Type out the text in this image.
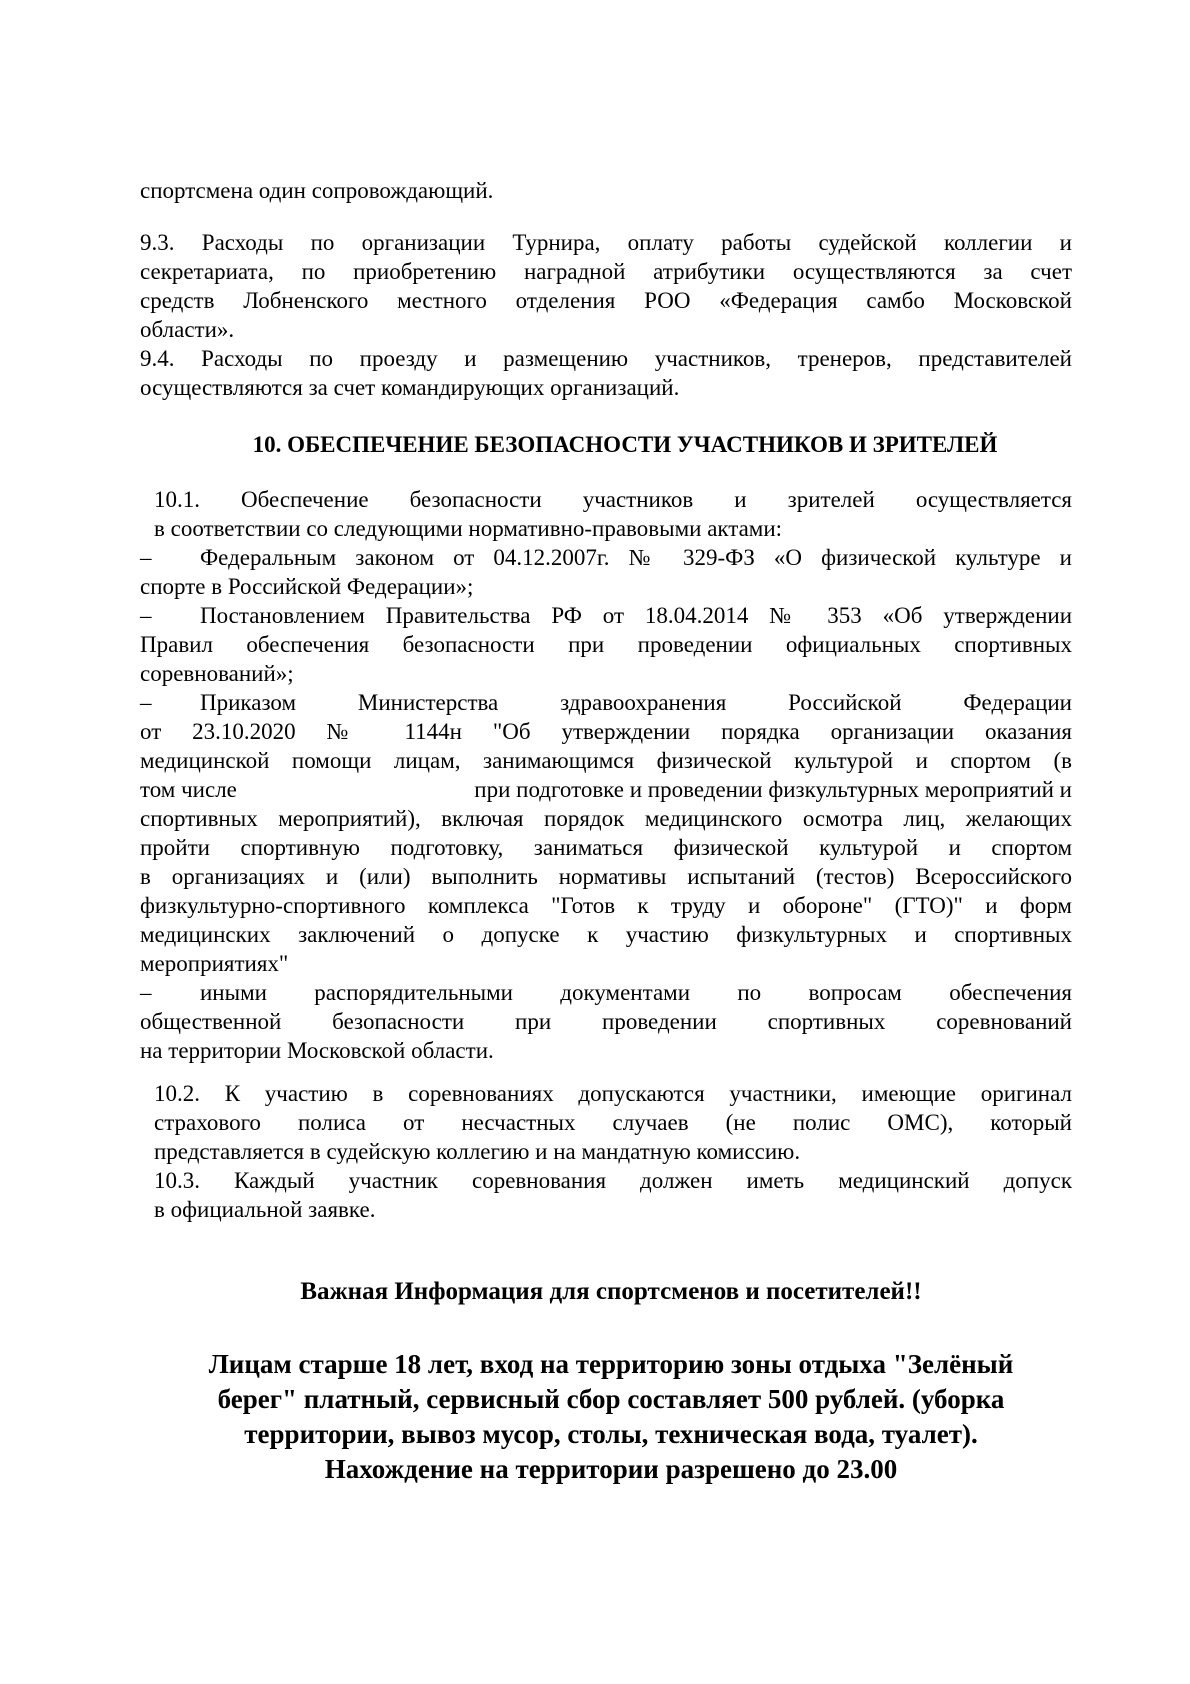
спортсмена один сопровождающий.

9.3. Расходы по организации Турнира, оплату работы судейской коллегии и

секретариата, по приобретению наградной атрибутики осуществляются за счет

средств Лобненского местного отделения РОО «Федерация самбо Московской

области».

9.4. Расходы по проезду и размещению участников, тренеров, представителей

осуществляются за счет командирующих организаций.

10. ОБЕСПЕЧЕНИЕ БЕЗОПАСНОСТИ УЧАСТНИКОВ И ЗРИТЕЛЕЙ

10.1. Обеспечение безопасности участников и зрителей осуществляется

в соответствии со следующими нормативно-правовыми актами:

– Федеральным законом от 04.12.2007г. № 329-ФЗ «О физической культуре и

спорте в Российской Федерации»;

– Постановлением Правительства РФ от 18.04.2014 № 353 «Об утверждении

Правил обеспечения безопасности при проведении официальных спортивных

соревнований»;

– Приказом Министерства здравоохранения Российской Федерации

от 23.10.2020 № 1144н "Об утверждении порядка организации оказания

медицинской помощи лицам, занимающимся физической культурой и спортом (в

том числе	при подготовке и проведении физкультурных мероприятий и

спортивных мероприятий), включая порядок медицинского осмотра лиц, желающих

пройти спортивную подготовку, заниматься физической культурой и спортом

в организациях и (или) выполнить нормативы испытаний (тестов) Всероссийского

физкультурно-спортивного комплекса "Готов к труду и обороне" (ГТО)" и форм

медицинских заключений о допуске к участию физкультурных и спортивных

мероприятиях"

– иными распорядительными документами по вопросам обеспечения

общественной безопасности при проведении спортивных соревнований

на территории Московской области.

10.2. К участию в соревнованиях допускаются участники, имеющие оригинал

страхового полиса от несчастных случаев (не полис ОМС), который

представляется в судейскую коллегию и на мандатную комиссию.

10.3. Каждый участник соревнования должен иметь медицинский допуск

в официальной заявке.

Важная Информация для спортсменов и посетителей!!
Лицам старше 18 лет, вход на территорию зоны отдыха "Зелёный
берег" платный, сервисный сбор составляет 500 рублей. (уборка
территории, вывоз мусор, столы, техническая вода, туалет).
Нахождение на территории разрешено до 23.00
